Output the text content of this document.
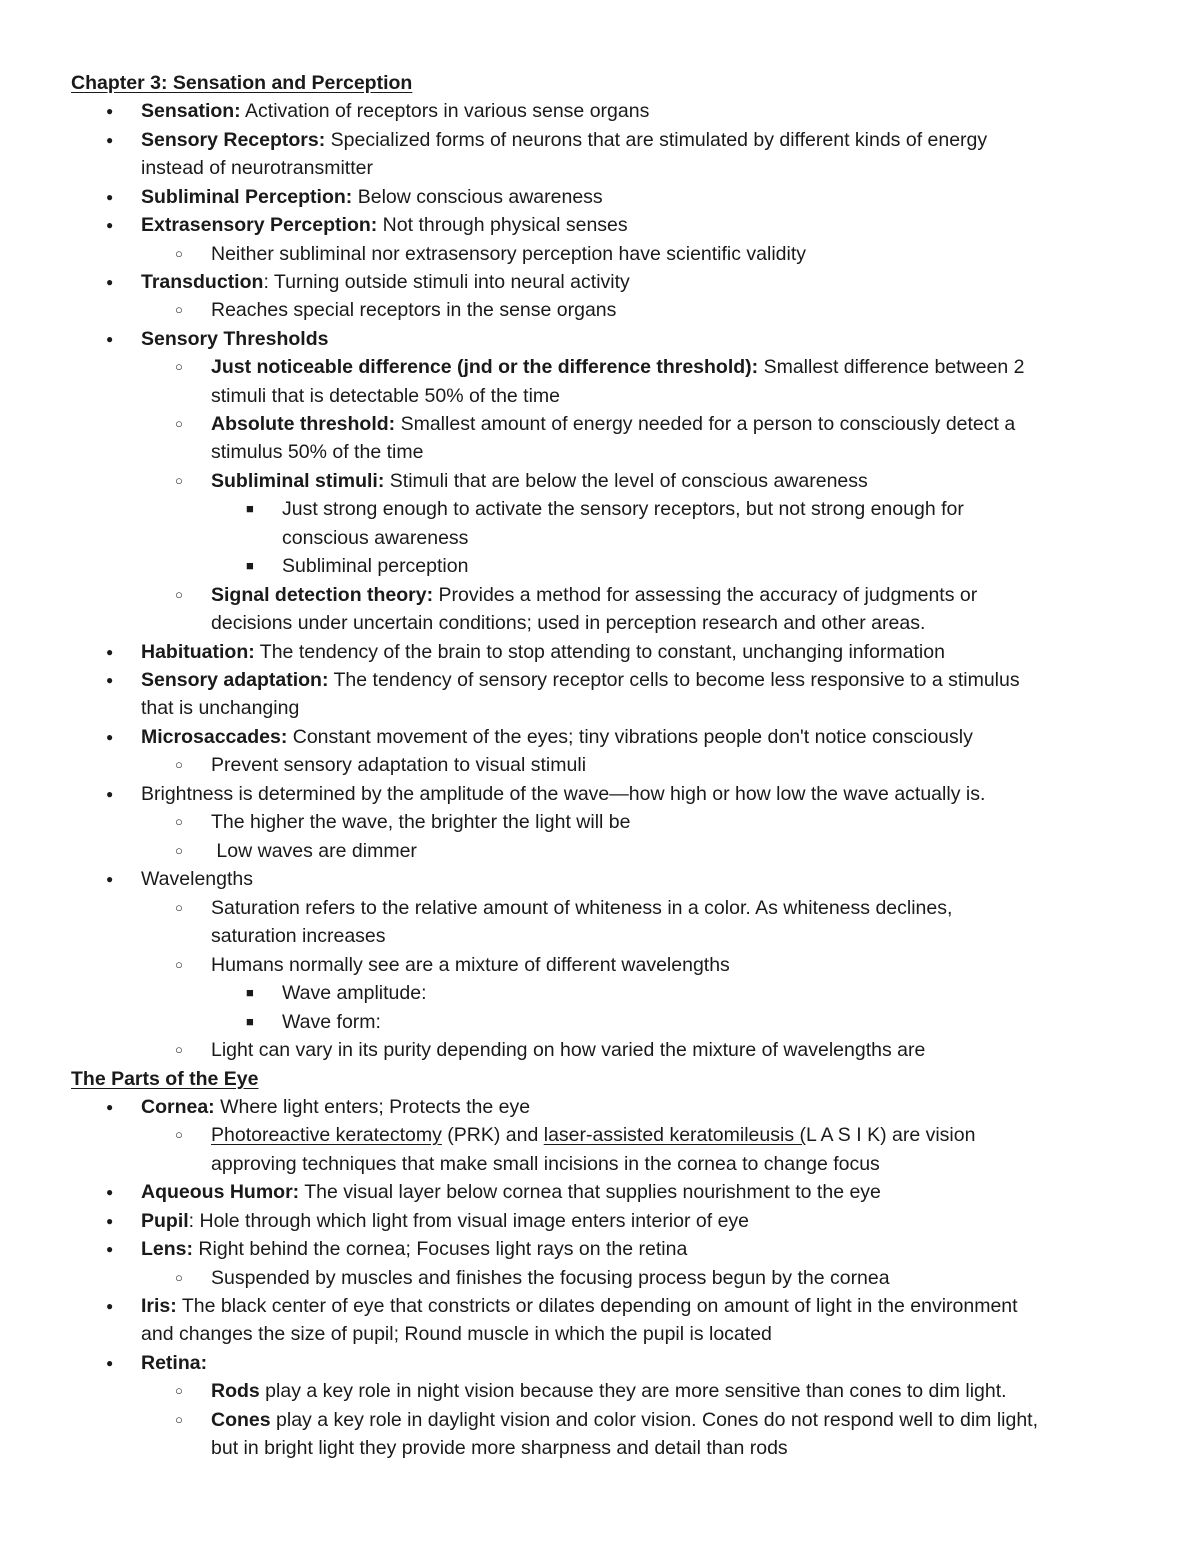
Chapter 3: Sensation and Perception
● Sensation: Activation of receptors in various sense organs
● Sensory Receptors: Specialized forms of neurons that are stimulated by different kinds of energy
instead of neurotransmitter
● Subliminal Perception: Below conscious awareness
● Extrasensory Perception: Not through physical senses
○ Neither subliminal nor extrasensory perception have scientific validity
● Transduction: Turning outside stimuli into neural activity
○ Reaches special receptors in the sense organs
● Sensory Thresholds
○ Just noticeable difference (jnd or the difference threshold): Smallest difference between 2
stimuli that is detectable 50% of the time
○ Absolute threshold: Smallest amount of energy needed for a person to consciously detect a
stimulus 50% of the time
○ Subliminal stimuli: Stimuli that are below the level of conscious awareness
■ Just strong enough to activate the sensory receptors, but not strong enough for
conscious awareness
■ Subliminal perception
○ Signal detection theory: Provides a method for assessing the accuracy of judgments or
decisions under uncertain conditions; used in perception research and other areas.
● Habituation: The tendency of the brain to stop attending to constant, unchanging information
● Sensory adaptation: The tendency of sensory receptor cells to become less responsive to a stimulus
that is unchanging
● Microsaccades: Constant movement of the eyes; tiny vibrations people don't notice consciously
○ Prevent sensory adaptation to visual stimuli
● Brightness is determined by the amplitude of the wave—how high or how low the wave actually is.
○ The higher the wave, the brighter the light will be
○ Low waves are dimmer
● Wavelengths
○ Saturation refers to the relative amount of whiteness in a color. As whiteness declines,
saturation increases
○ Humans normally see are a mixture of different wavelengths
■ Wave amplitude:
■ Wave form:
○ Light can vary in its purity depending on how varied the mixture of wavelengths are
The Parts of the Eye
● Cornea: Where light enters; Protects the eye
○ Photoreactive keratectomy (PRK) and laser-assisted keratomileusis (L A S I K) are vision
approving techniques that make small incisions in the cornea to change focus
● Aqueous Humor: The visual layer below cornea that supplies nourishment to the eye
● Pupil: Hole through which light from visual image enters interior of eye
● Lens: Right behind the cornea; Focuses light rays on the retina
○ Suspended by muscles and finishes the focusing process begun by the cornea
● Iris: The black center of eye that constricts or dilates depending on amount of light in the environment
and changes the size of pupil; Round muscle in which the pupil is located
● Retina:
○ Rods play a key role in night vision because they are more sensitive than cones to dim light.
○ Cones play a key role in daylight vision and color vision. Cones do not respond well to dim light,
but in bright light they provide more sharpness and detail than rods
